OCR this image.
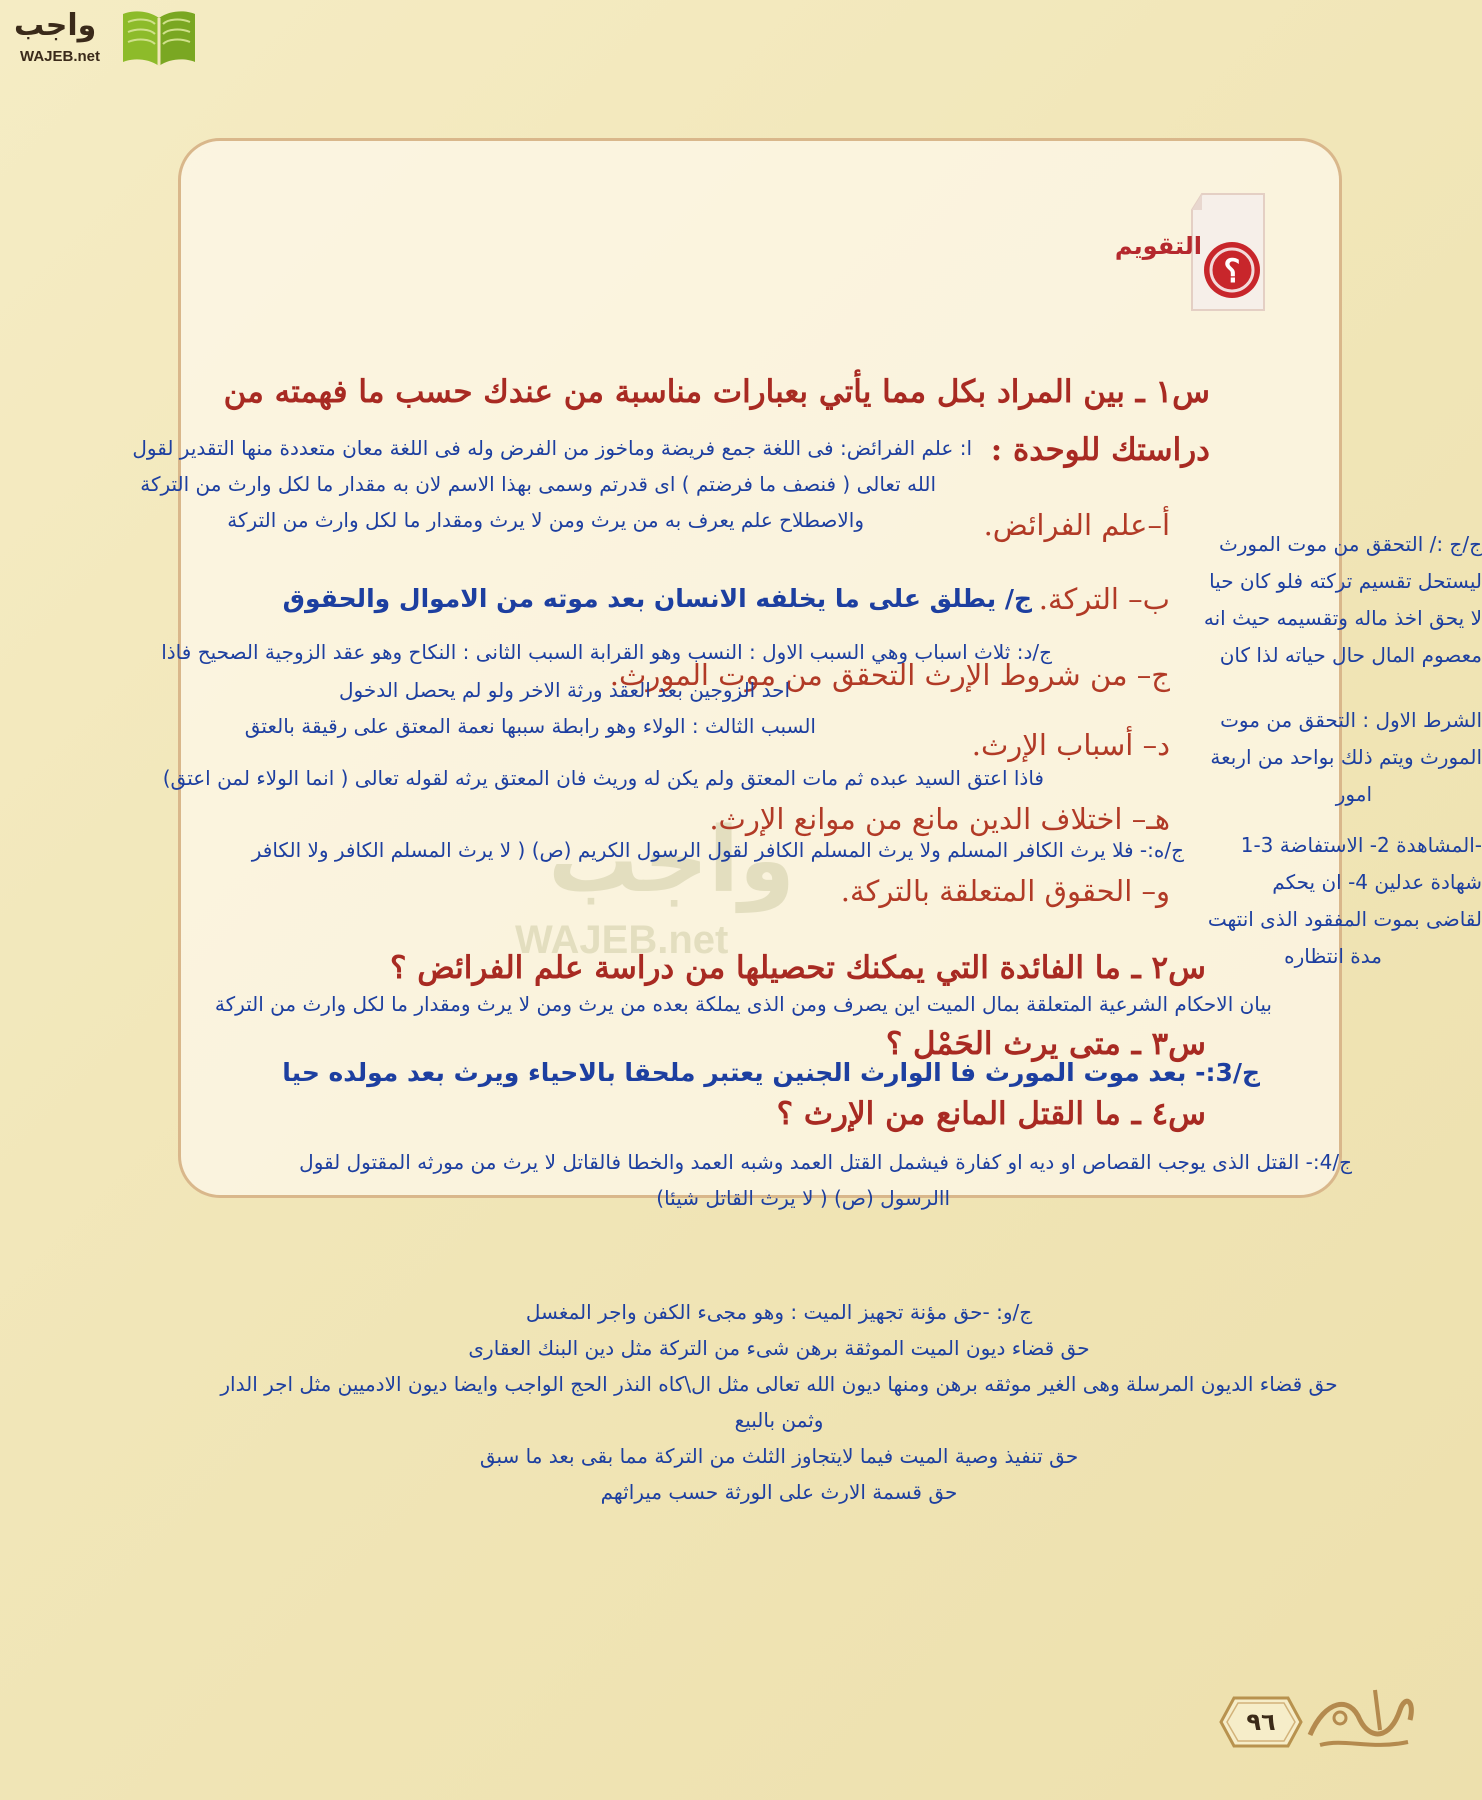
واجب
WAJEB.net
واجب
WAJEB.net
؟
التقويم
س١ ـ بين المراد بكل مما يأتي بعبارات مناسبة من عندك حسب ما فهمته من
دراستك للوحدة :
ا: علم الفرائض: فى اللغة جمع فريضة وماخوز من الفرض وله فى اللغة معان متعددة منها التقدير لقول
الله تعالى ( فنصف ما فرضتم ) اى قدرتم وسمى بهذا الاسم لان به مقدار ما لكل وارث من التركة
والاصطلاح علم يعرف به من يرث ومن لا يرث ومقدار ما لكل وارث من التركة	أ–علم الفرائض.
ب– التركة.
ج/ يطلق على ما يخلفه الانسان بعد موته من الاموال والحقوق
ج/د: ثلاث اسباب وهي السبب الاول : النسب وهو القرابة السبب الثانى : النكاح وهو عقد الزوجية الصحيح فاذا
ج– من شروط الإرث التحقق من موت المورث.
احد الزوجين بعد العقد ورثة الاخر ولو لم يحصل الدخول
السبب الثالث : الولاء وهو رابطة سببها نعمة المعتق على رقيقة بالعتق
د– أسباب الإرث.
فاذا اعتق السيد عبده ثم مات المعتق ولم يكن له وريث فان المعتق يرثه لقوله تعالى ( انما الولاء لمن اعتق)
هـ– اختلاف الدين مانع من موانع الإرث.
ج/ه:- فلا يرث الكافر المسلم ولا يرث المسلم الكافر لقول الرسول الكريم (ص) ( لا يرث المسلم الكافر ولا الكافر
و– الحقوق المتعلقة بالتركة.
ج/ج :/ التحقق من موت المورث
ليستحل تقسيم تركته فلو كان حيا
لا يحق اخذ ماله وتقسيمه حيث انه
معصوم المال حال حياته لذا كان
الشرط الاول : التحقق من موت
المورث ويتم ذلك بواحد من اربعة
امور
-المشاهدة 2- الاستفاضة 3-1
شهادة عدلين 4- ان يحكم
لقاضى بموت المفقود الذى انتهت
مدة انتظاره
س٢ ـ ما الفائدة التي يمكنك تحصيلها من دراسة علم الفرائض ؟
بيان الاحكام الشرعية المتعلقة بمال الميت اين يصرف ومن الذى يملكة بعده من يرث ومن لا يرث ومقدار ما لكل وارث من التركة
س٣ ـ متى يرث الحَمْل ؟
ج/3:- بعد موت المورث فا الوارث الجنين يعتبر ملحقا بالاحياء ويرث بعد مولده حيا
س٤ ـ ما القتل المانع من الإرث ؟
ج/4:- القتل الذى يوجب القصاص او ديه او كفارة فيشمل القتل العمد وشبه العمد والخطا فالقاتل لا يرث من مورثه المقتول لقول
االرسول (ص) ( لا يرث القاتل شيئا)
ج/و: -حق مؤنة تجهيز الميت : وهو مجىء الكفن واجر المغسل
حق قضاء ديون الميت الموثقة برهن شىء من التركة مثل دين البنك العقارى
حق قضاء الديون المرسلة وهى الغير موثقه برهن ومنها ديون الله تعالى مثل ال\كاه النذر الحج الواجب وايضا ديون الادميين مثل اجر الدار
وثمن بالبيع
حق تنفيذ وصية الميت فيما لايتجاوز الثلث من التركة مما بقى بعد ما سبق
حق قسمة الارث على الورثة حسب ميراثهم
٩٦
